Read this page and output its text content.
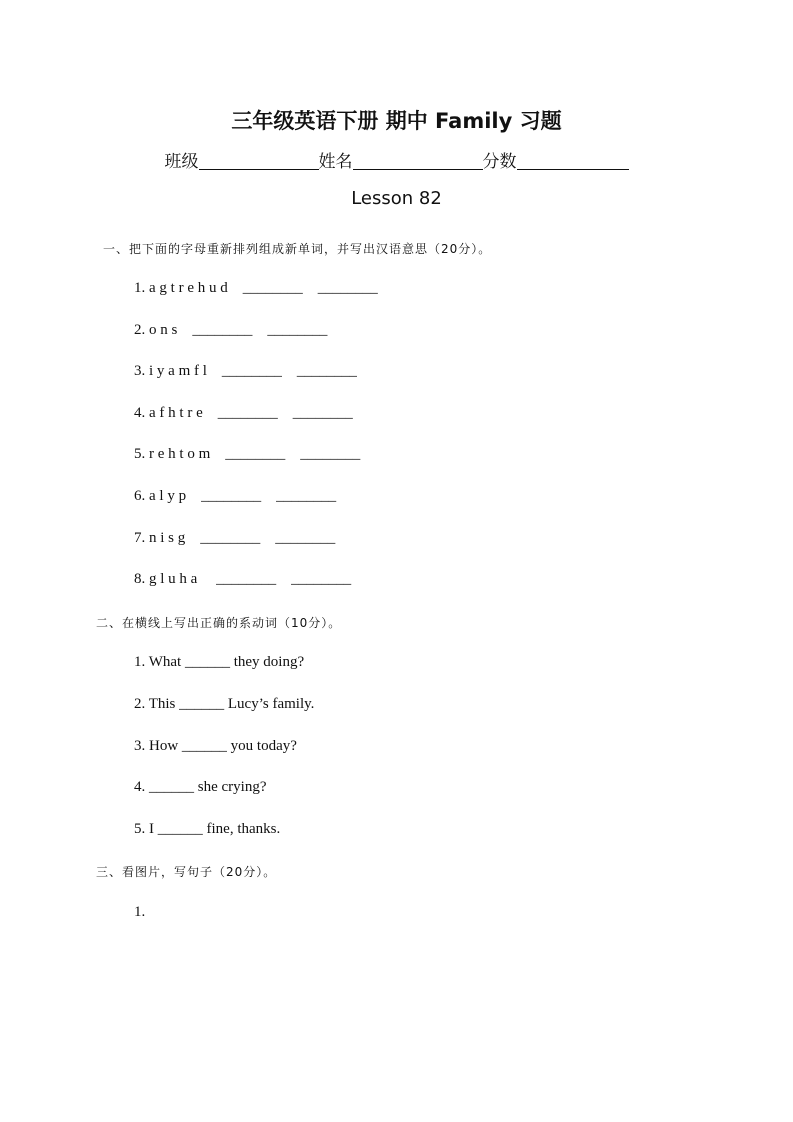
三年级英语下册 期中 Family 习题
班级	姓名	分数
Lesson 82
一、把下面的字母重新排列组成新单词，并写出汉语意思（20分）。
1. a g t r e h u d    ________    ________
2. o n s    ________    ________
3. i y a m f l    ________    ________
4. a f h t r e    ________    ________
5. r e h t o m    ________    ________
6. a l y p    ________    ________
7. n i s g    ________    ________
8. g l u h a     ________    ________
二、在横线上写出正确的系动词（10分）。
1. What ______ they doing?
2. This ______ Lucy’s family.
3. How ______ you today?
4. ______ she crying?
5. I ______ fine, thanks.
三、看图片，写句子（20分）。
1.
